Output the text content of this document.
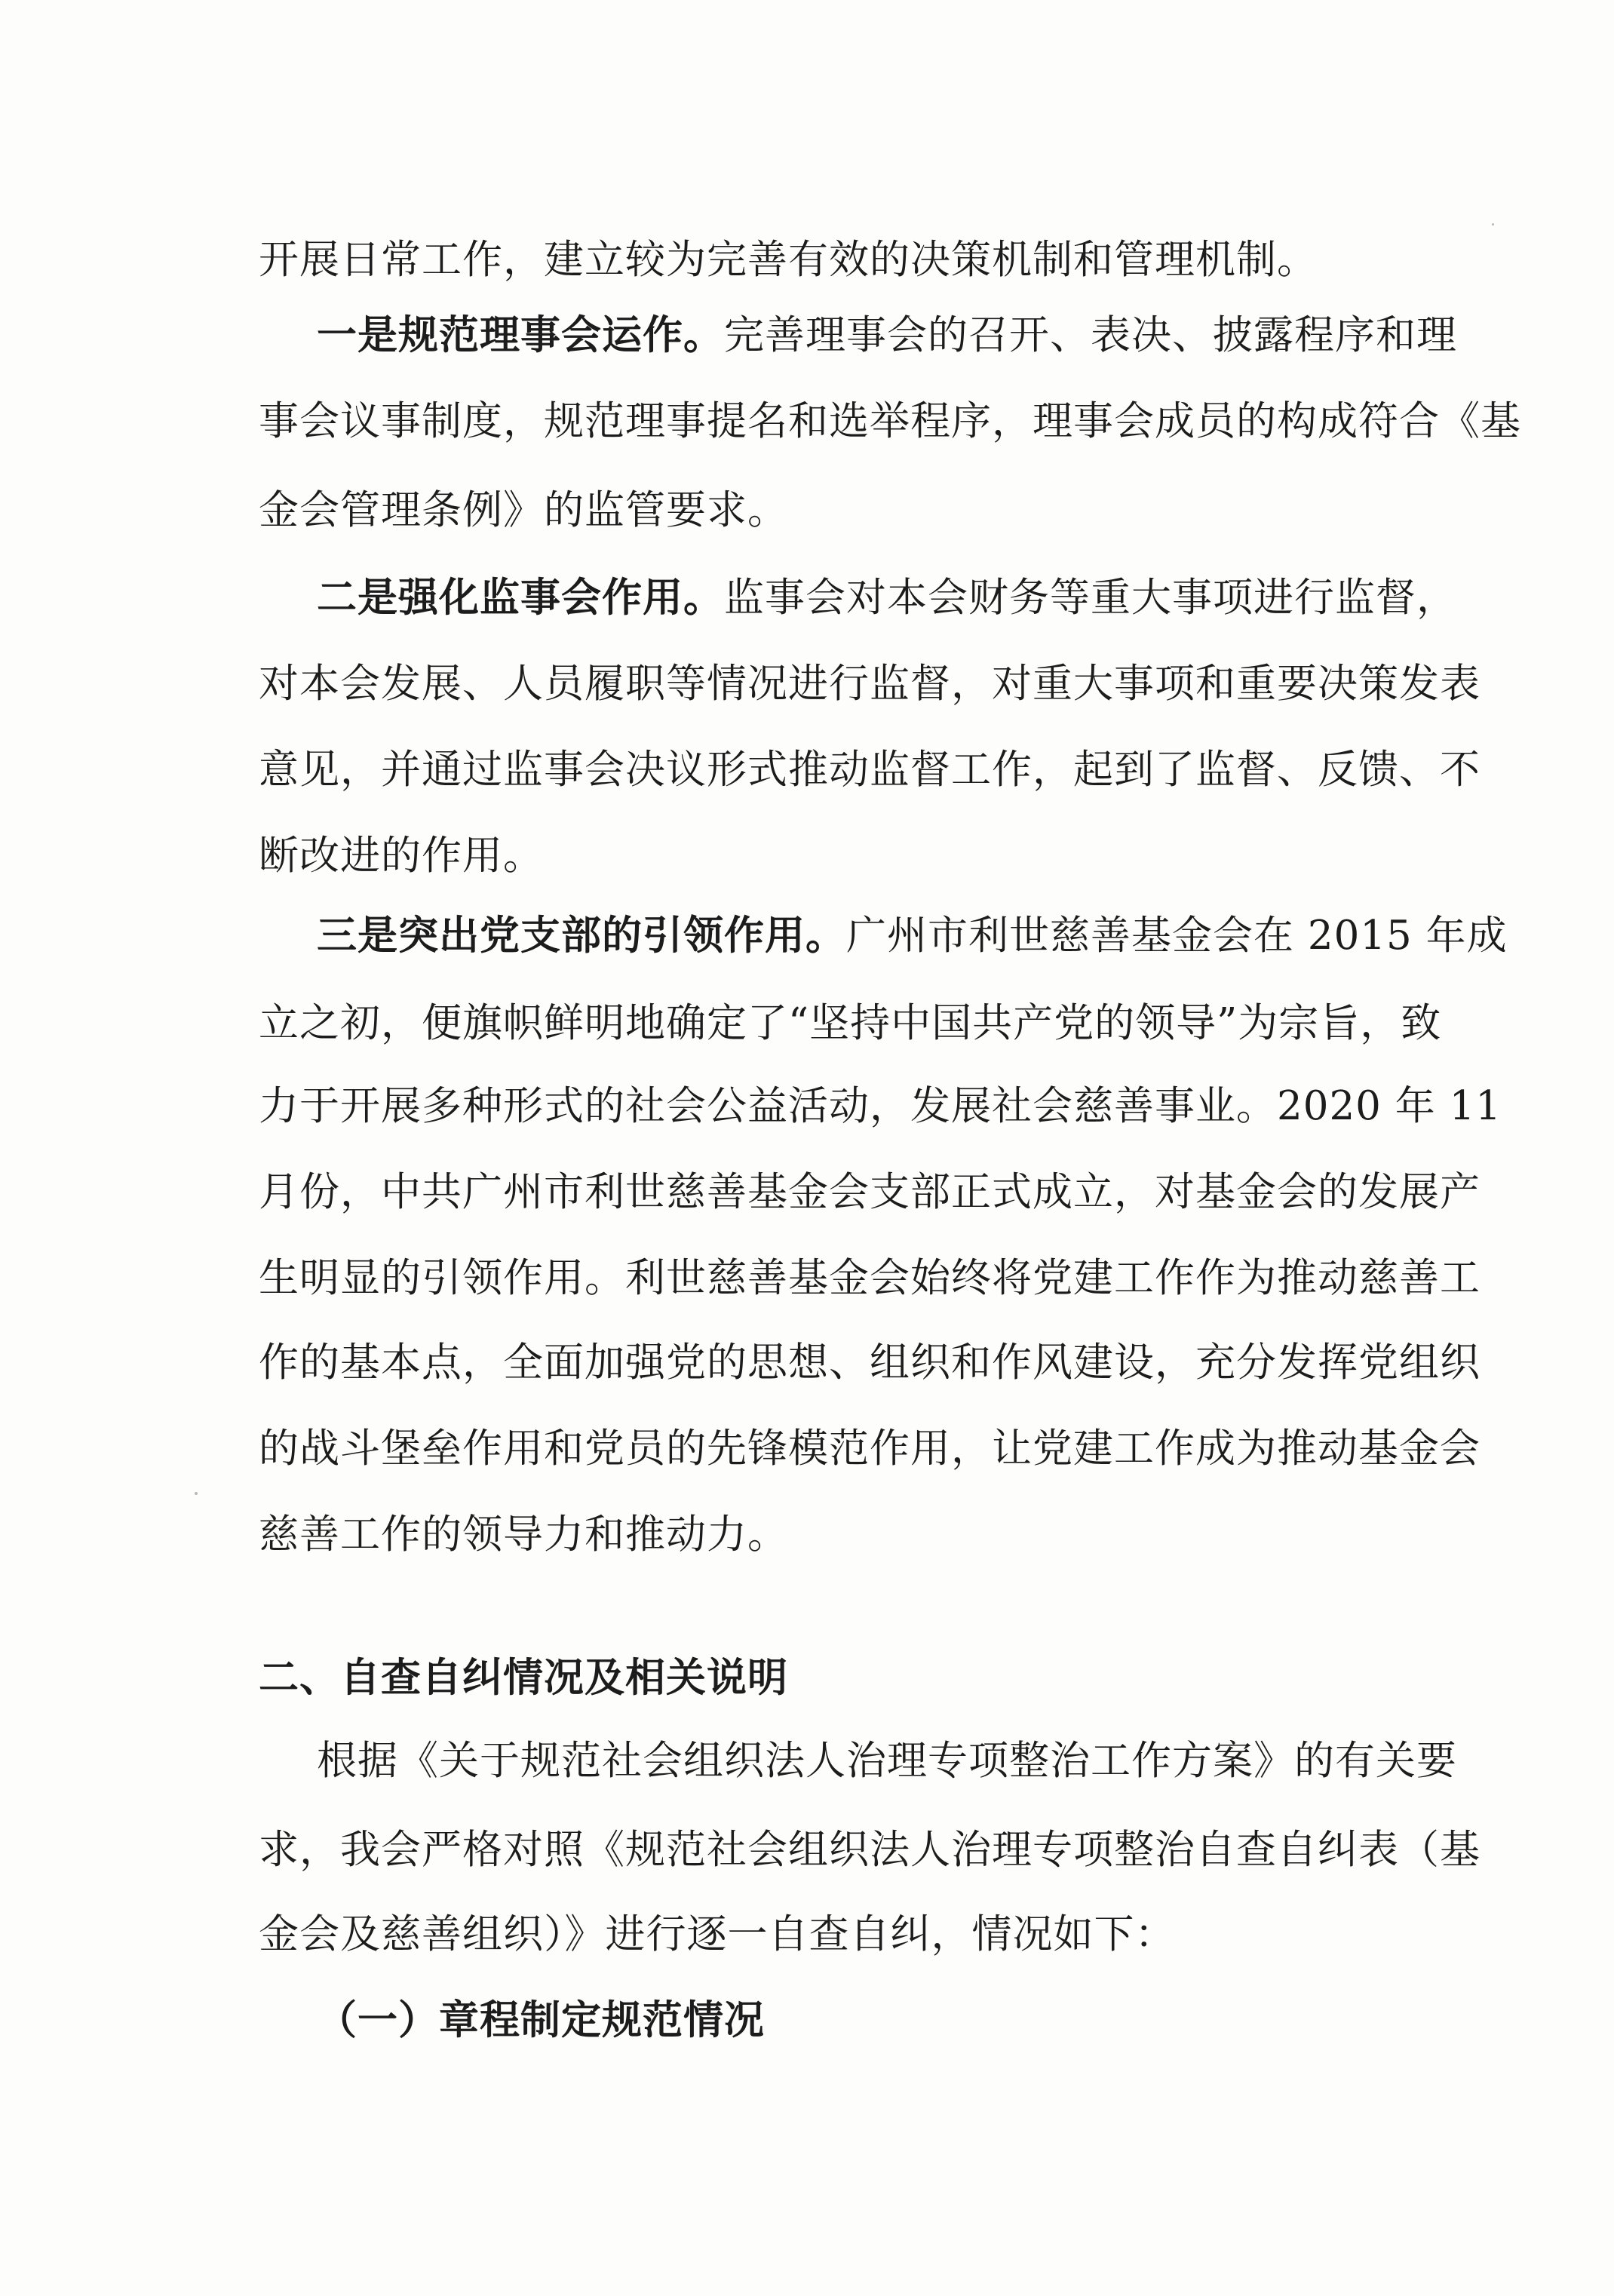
开展日常工作，建立较为完善有效的决策机制和管理机制。
一是规范理事会运作。完善理事会的召开、表决、披露程序和理
事会议事制度，规范理事提名和选举程序，理事会成员的构成符合《基
金会管理条例》的监管要求。
二是强化监事会作用。监事会对本会财务等重大事项进行监督，
对本会发展、人员履职等情况进行监督，对重大事项和重要决策发表
意见，并通过监事会决议形式推动监督工作，起到了监督、反馈、不
断改进的作用。
三是突出党支部的引领作用。广州市利世慈善基金会在 2015 年成
立之初，便旗帜鲜明地确定了“坚持中国共产党的领导”为宗旨，致
力于开展多种形式的社会公益活动，发展社会慈善事业。2020 年 11
月份，中共广州市利世慈善基金会支部正式成立，对基金会的发展产
生明显的引领作用。利世慈善基金会始终将党建工作作为推动慈善工
作的基本点，全面加强党的思想、组织和作风建设，充分发挥党组织
的战斗堡垒作用和党员的先锋模范作用，让党建工作成为推动基金会
慈善工作的领导力和推动力。
二、自查自纠情况及相关说明
根据《关于规范社会组织法人治理专项整治工作方案》的有关要
求，我会严格对照《规范社会组织法人治理专项整治自查自纠表（基
金会及慈善组织）》进行逐一自查自纠，情况如下：
（一）章程制定规范情况
